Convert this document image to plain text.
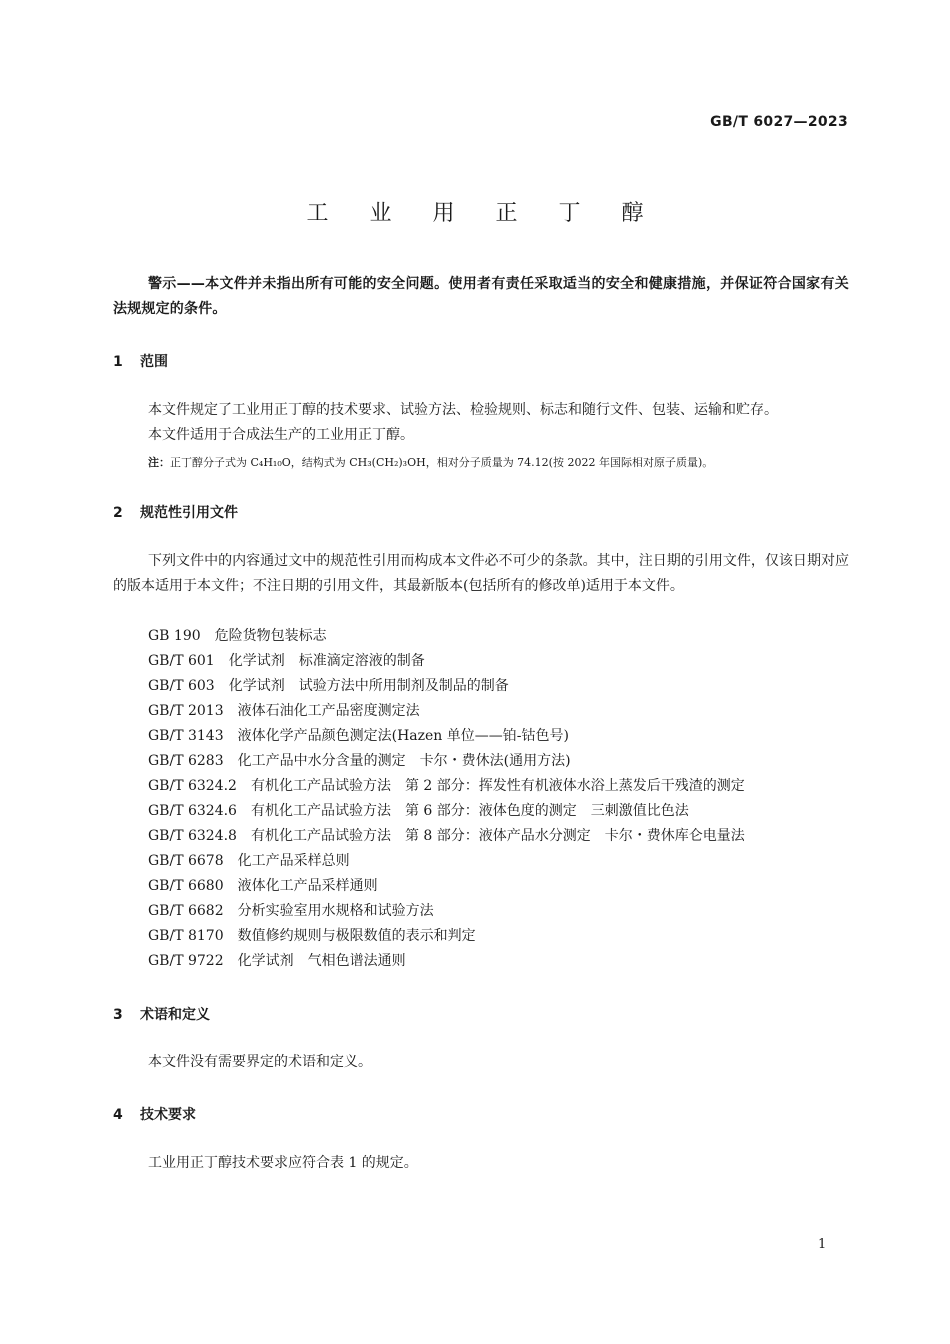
GB/T 6027—2023
工 业 用 正 丁 醇
警示——本文件并未指出所有可能的安全问题。使用者有责任采取适当的安全和健康措施，并保证符合国家有关法规规定的条件。
1 范围
本文件规定了工业用正丁醇的技术要求、试验方法、检验规则、标志和随行文件、包装、运输和贮存。
本文件适用于合成法生产的工业用正丁醇。
注：正丁醇分子式为 C₄H₁₀O，结构式为 CH₃(CH₂)₃OH，相对分子质量为 74.12(按 2022 年国际相对原子质量)。
2 规范性引用文件
下列文件中的内容通过文中的规范性引用而构成本文件必不可少的条款。其中，注日期的引用文件，仅该日期对应的版本适用于本文件；不注日期的引用文件，其最新版本(包括所有的修改单)适用于本文件。
GB 190 危险货物包装标志
GB/T 601 化学试剂　标准滴定溶液的制备
GB/T 603 化学试剂　试验方法中所用制剂及制品的制备
GB/T 2013 液体石油化工产品密度测定法
GB/T 3143 液体化学产品颜色测定法(Hazen 单位——铂-钴色号)
GB/T 6283 化工产品中水分含量的测定　卡尔・费休法(通用方法)
GB/T 6324.2 有机化工产品试验方法　第 2 部分：挥发性有机液体水浴上蒸发后干残渣的测定
GB/T 6324.6 有机化工产品试验方法　第 6 部分：液体色度的测定　三刺激值比色法
GB/T 6324.8 有机化工产品试验方法　第 8 部分：液体产品水分测定　卡尔・费休库仑电量法
GB/T 6678 化工产品采样总则
GB/T 6680 液体化工产品采样通则
GB/T 6682 分析实验室用水规格和试验方法
GB/T 8170 数值修约规则与极限数值的表示和判定
GB/T 9722 化学试剂　气相色谱法通则
3 术语和定义
本文件没有需要界定的术语和定义。
4 技术要求
工业用正丁醇技术要求应符合表 1 的规定。
1
